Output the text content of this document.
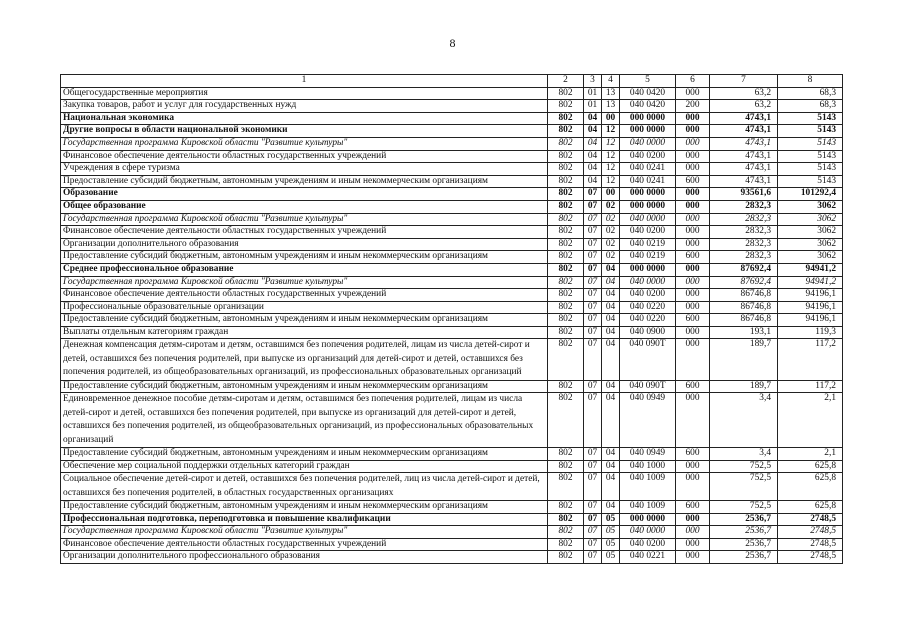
8
1	2	3	4	5	6	7	8
Общегосударственные мероприятия	802	01	13	040 0420	000	63,2	68,3
Закупка товаров, работ и услуг для государственных нужд	802	01	13	040 0420	200	63,2	68,3
Национальная экономика	802	04	00	000 0000	000	4743,1	5143
Другие вопросы в области национальной экономики	802	04	12	000 0000	000	4743,1	5143
Государственная программа Кировской области "Развитие культуры"	802	04	12	040 0000	000	4743,1	5143
Финансовое обеспечение деятельности областных государственных учреждений	802	04	12	040 0200	000	4743,1	5143
Учреждения в сфере туризма	802	04	12	040 0241	000	4743,1	5143
Предоставление субсидий бюджетным, автономным учреждениям и иным некоммерческим организациям	802	04	12	040 0241	600	4743,1	5143
Образование	802	07	00	000 0000	000	93561,6	101292,4
Общее образование	802	07	02	000 0000	000	2832,3	3062
Государственная программа Кировской области "Развитие культуры"	802	07	02	040 0000	000	2832,3	3062
Финансовое обеспечение деятельности областных государственных учреждений	802	07	02	040 0200	000	2832,3	3062
Организации дополнительного образования	802	07	02	040 0219	000	2832,3	3062
Предоставление субсидий бюджетным, автономным учреждениям и иным некоммерческим организациям	802	07	02	040 0219	600	2832,3	3062
Среднее профессиональное образование	802	07	04	000 0000	000	87692,4	94941,2
Государственная программа Кировской области "Развитие культуры"	802	07	04	040 0000	000	87692,4	94941,2
Финансовое обеспечение деятельности областных государственных учреждений	802	07	04	040 0200	000	86746,8	94196,1
Профессиональные образовательные организации	802	07	04	040 0220	000	86746,8	94196,1
Предоставление субсидий бюджетным, автономным учреждениям и иным некоммерческим организациям	802	07	04	040 0220	600	86746,8	94196,1
Выплаты отдельным категориям граждан	802	07	04	040 0900	000	193,1	119,3
Денежная компенсация детям-сиротам и детям, оставшимся без попечения родителей, лицам из числа детей-сирот и детей, оставшихся без попечения родителей, при выпуске из организаций для детей-сирот и детей, оставшихся без попечения родителей, из общеобразовательных организаций, из профессиональных образовательных организаций	802	07	04	040 090Т	000	189,7	117,2
Предоставление субсидий бюджетным, автономным учреждениям и иным некоммерческим организациям	802	07	04	040 090Т	600	189,7	117,2
Единовременное денежное пособие детям-сиротам и детям, оставшимся без попечения родителей, лицам из числа детей-сирот и детей, оставшихся без попечения родителей, при выпуске из организаций для детей-сирот и детей, оставшихся без попечения родителей, из общеобразовательных организаций, из профессиональных образовательных организаций	802	07	04	040 0949	000	3,4	2,1
Предоставление субсидий бюджетным, автономным учреждениям и иным некоммерческим организациям	802	07	04	040 0949	600	3,4	2,1
Обеспечение мер социальной поддержки отдельных категорий граждан	802	07	04	040 1000	000	752,5	625,8
Социальное обеспечение детей-сирот и детей, оставшихся без попечения родителей, лиц из числа детей-сирот и детей, оставшихся без попечения родителей, в областных государственных организациях	802	07	04	040 1009	000	752,5	625,8
Предоставление субсидий бюджетным, автономным учреждениям и иным некоммерческим организациям	802	07	04	040 1009	600	752,5	625,8
Профессиональная подготовка, переподготовка и повышение квалификации	802	07	05	000 0000	000	2536,7	2748,5
Государственная программа Кировской области "Развитие культуры"	802	07	05	040 0000	000	2536,7	2748,5
Финансовое обеспечение деятельности областных государственных учреждений	802	07	05	040 0200	000	2536,7	2748,5
Организации дополнительного профессионального образования	802	07	05	040 0221	000	2536,7	2748,5
